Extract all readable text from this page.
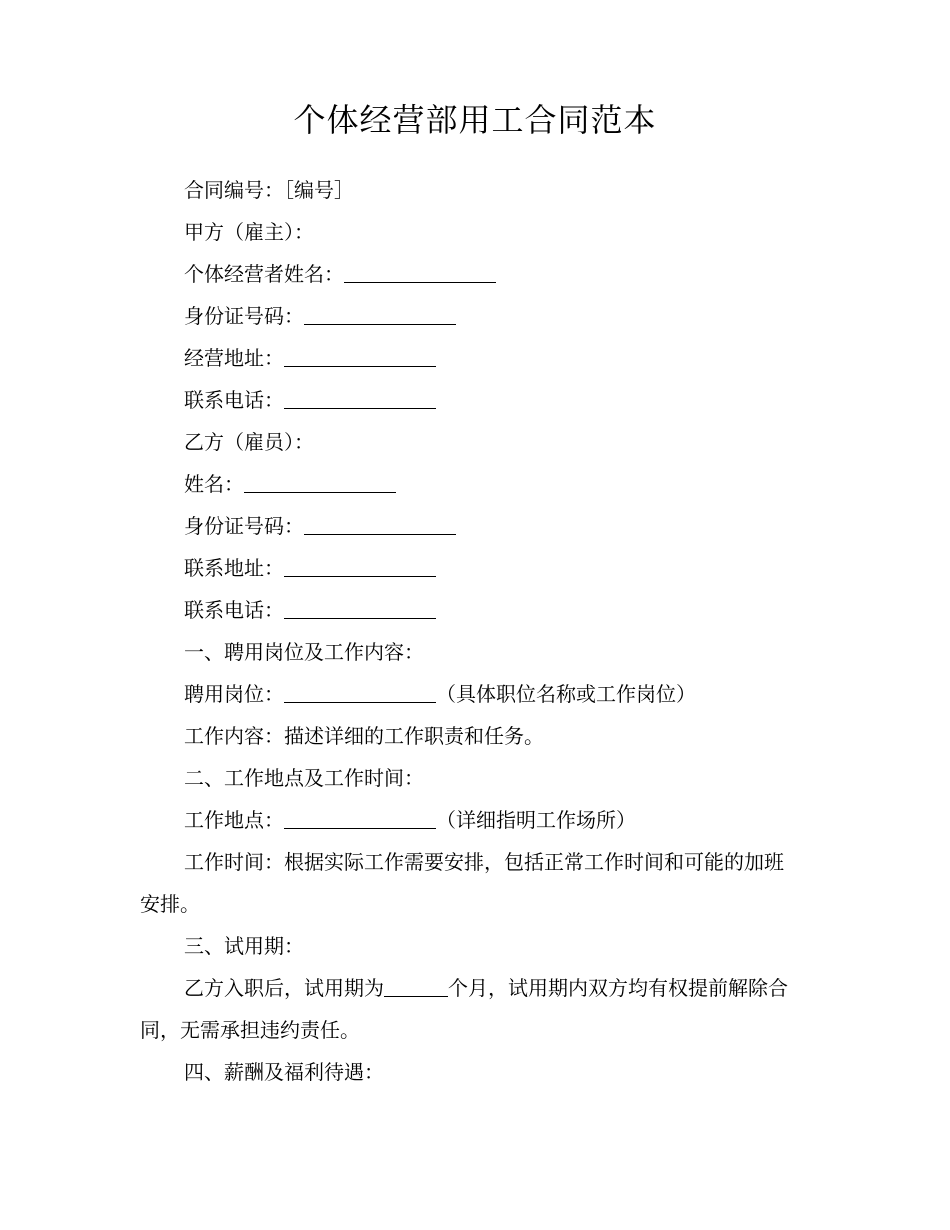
个体经营部用工合同范本
合同编号：［编号］
甲方（雇主）：
个体经营者姓名：
身份证号码：
经营地址：
联系电话：
乙方（雇员）：
姓名：
身份证号码：
联系地址：
联系电话：
一、聘用岗位及工作内容：
聘用岗位：	（具体职位名称或工作岗位）
工作内容：描述详细的工作职责和任务。
二、工作地点及工作时间：
工作地点：	（详细指明工作场所）
工作时间：根据实际工作需要安排，包括正常工作时间和可能的加班安排。
三、试用期：
乙方入职后，试用期为	个月，试用期内双方均有权提前解除合同，无需承担违约责任。
四、薪酬及福利待遇：
